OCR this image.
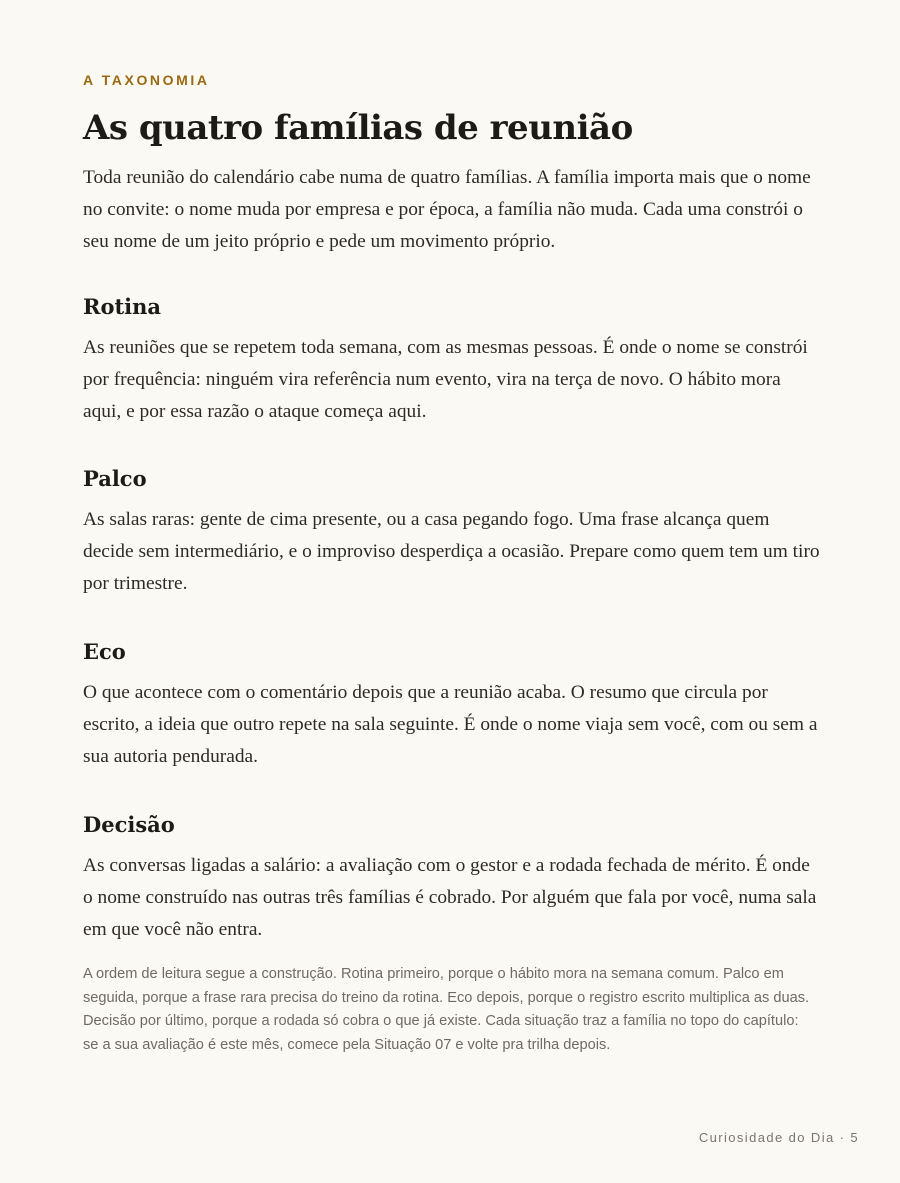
A TAXONOMIA

As quatro famílias de reunião

Toda reunião do calendário cabe numa de quatro famílias. A família importa mais que o nome no convite: o nome muda por empresa e por época, a família não muda. Cada uma constrói o seu nome de um jeito próprio e pede um movimento próprio.

Rotina

As reuniões que se repetem toda semana, com as mesmas pessoas. É onde o nome se constrói por frequência: ninguém vira referência num evento, vira na terça de novo. O hábito mora aqui, e por essa razão o ataque começa aqui.

Palco

As salas raras: gente de cima presente, ou a casa pegando fogo. Uma frase alcança quem decide sem intermediário, e o improviso desperdiça a ocasião. Prepare como quem tem um tiro por trimestre.

Eco

O que acontece com o comentário depois que a reunião acaba. O resumo que circula por escrito, a ideia que outro repete na sala seguinte. É onde o nome viaja sem você, com ou sem a sua autoria pendurada.

Decisão

As conversas ligadas a salário: a avaliação com o gestor e a rodada fechada de mérito. É onde o nome construído nas outras três famílias é cobrado. Por alguém que fala por você, numa sala em que você não entra.

A ordem de leitura segue a construção. Rotina primeiro, porque o hábito mora na semana comum. Palco em seguida, porque a frase rara precisa do treino da rotina. Eco depois, porque o registro escrito multiplica as duas. Decisão por último, porque a rodada só cobra o que já existe. Cada situação traz a família no topo do capítulo: se a sua avaliação é este mês, comece pela Situação 07 e volte pra trilha depois.

Curiosidade do Dia · 5
